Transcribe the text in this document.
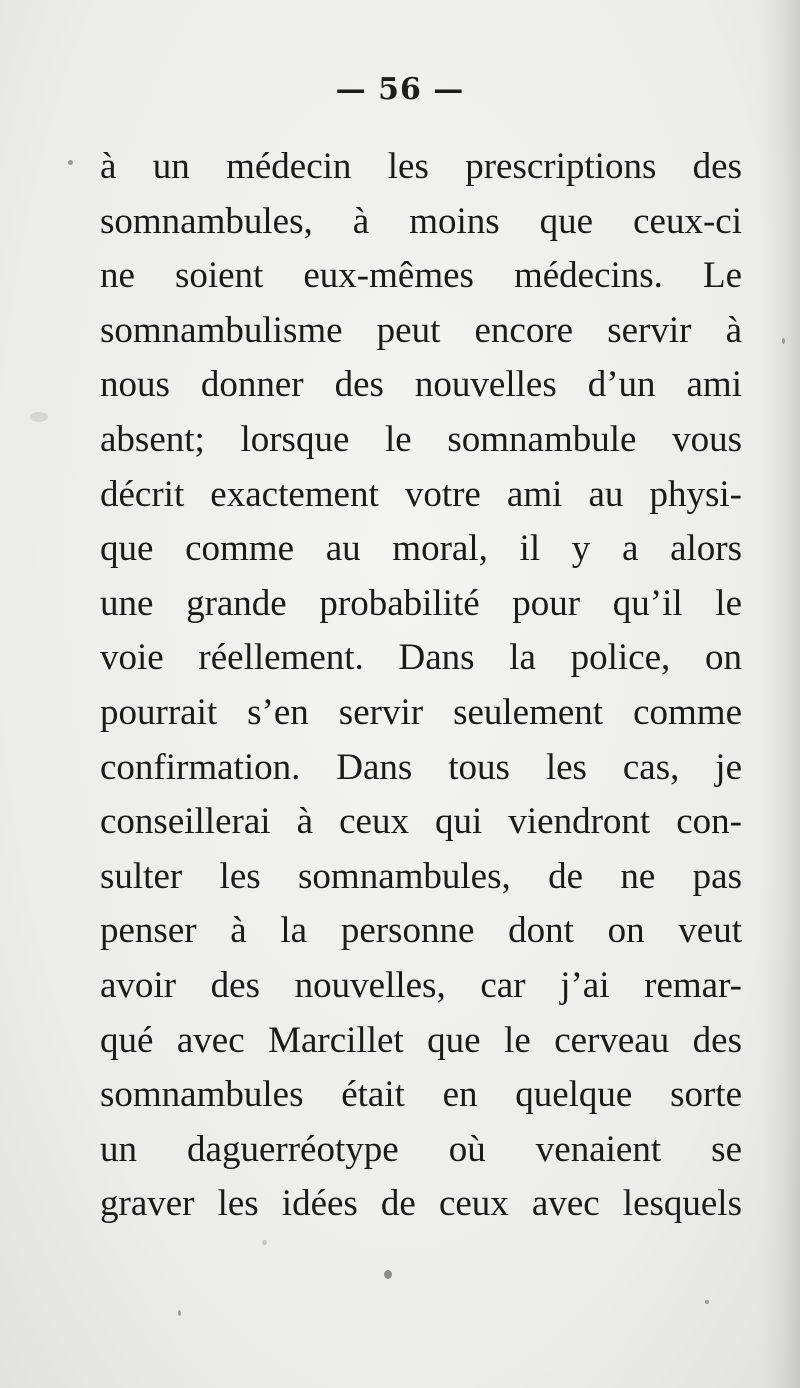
— 56 —
à un médecin les prescriptions des
somnambules, à moins que ceux-ci
ne soient eux-mêmes médecins. Le
somnambulisme peut encore servir à
nous donner des nouvelles d’un ami
absent; lorsque le somnambule vous
décrit exactement votre ami au physi-
que comme au moral, il y a alors
une grande probabilité pour qu’il le
voie réellement. Dans la police, on
pourrait s’en servir seulement comme
confirmation. Dans tous les cas, je
conseillerai à ceux qui viendront con-
sulter les somnambules, de ne pas
penser à la personne dont on veut
avoir des nouvelles, car j’ai remar-
qué avec Marcillet que le cerveau des
somnambules était en quelque sorte
un daguerréotype où venaient se
graver les idées de ceux avec lesquels
